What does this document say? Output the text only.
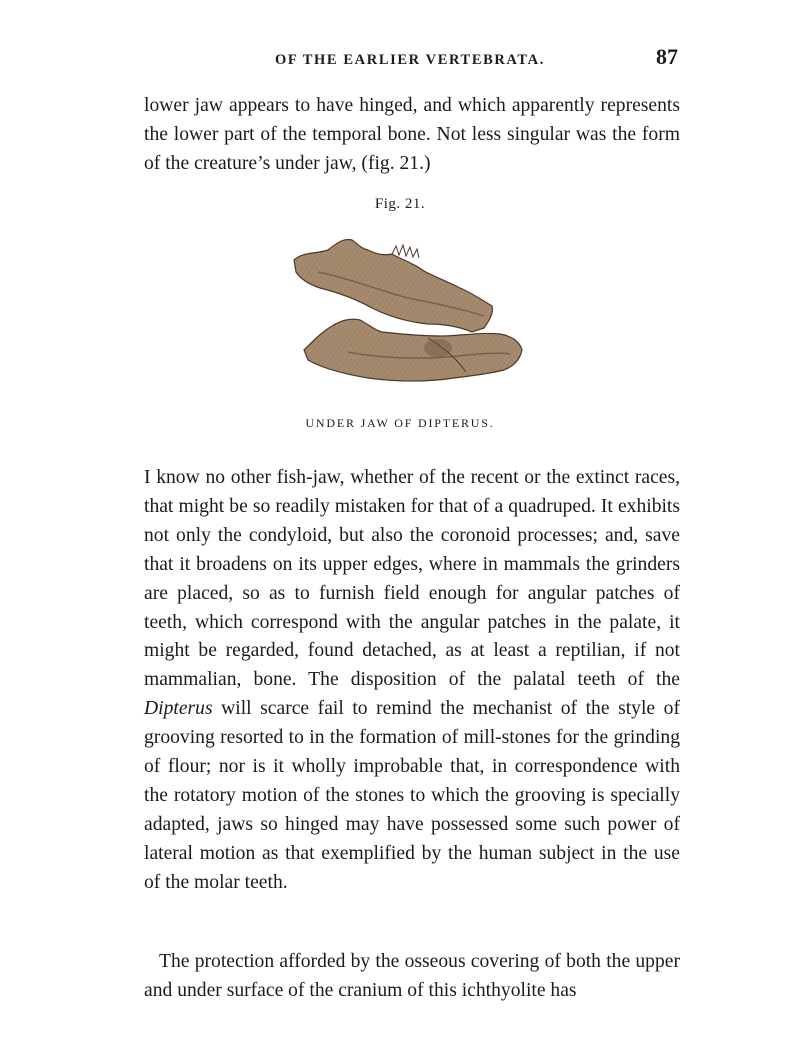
OF THE EARLIER VERTEBRATA.	87

lower jaw appears to have hinged, and which apparently represents the lower part of the temporal bone. Not less singular was the form of the creature’s under jaw, (fig. 21.)

Fig. 21.
UNDER JAW OF DIPTERUS.

I know no other fish-jaw, whether of the recent or the extinct races, that might be so readily mistaken for that of a quadruped. It exhibits not only the condyloid, but also the coronoid processes; and, save that it broadens on its upper edges, where in mammals the grinders are placed, so as to furnish field enough for angular patches of teeth, which correspond with the angular patches in the palate, it might be regarded, found detached, as at least a reptilian, if not mammalian, bone. The disposition of the palatal teeth of the Dipterus will scarce fail to remind the mechanist of the style of grooving resorted to in the formation of mill-stones for the grinding of flour; nor is it wholly improbable that, in correspondence with the rotatory motion of the stones to which the grooving is specially adapted, jaws so hinged may have possessed some such power of lateral motion as that exemplified by the human subject in the use of the molar teeth.

The protection afforded by the osseous covering of both the upper and under surface of the cranium of this ichthyolite has
